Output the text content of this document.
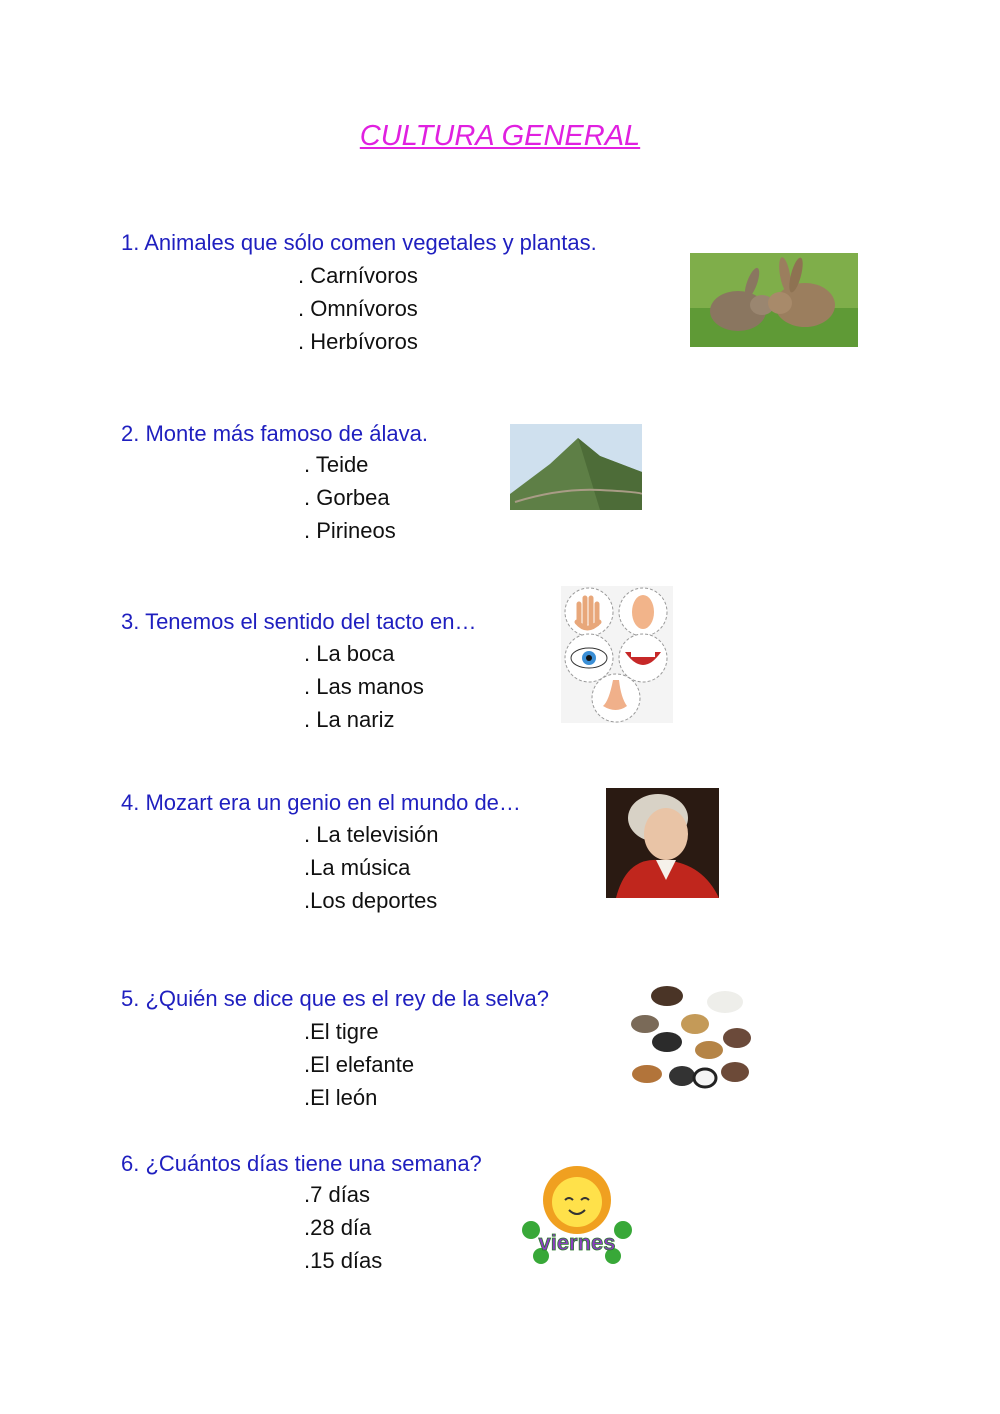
CULTURA GENERAL
1. Animales que sólo comen vegetales y plantas.
. Carnívoros
. Omnívoros
. Herbívoros
2. Monte más famoso de álava.
. Teide
. Gorbea
. Pirineos
3. Tenemos el sentido del tacto en…
. La boca
. Las manos
. La nariz
4. Mozart era un genio en el mundo de…
. La televisión
.La música
.Los deportes
5. ¿Quién se dice que es el rey de la selva?
.El tigre
.El elefante
.El león
6. ¿Cuántos días tiene una semana?
.7 días
.28 día
.15 días
viernes
